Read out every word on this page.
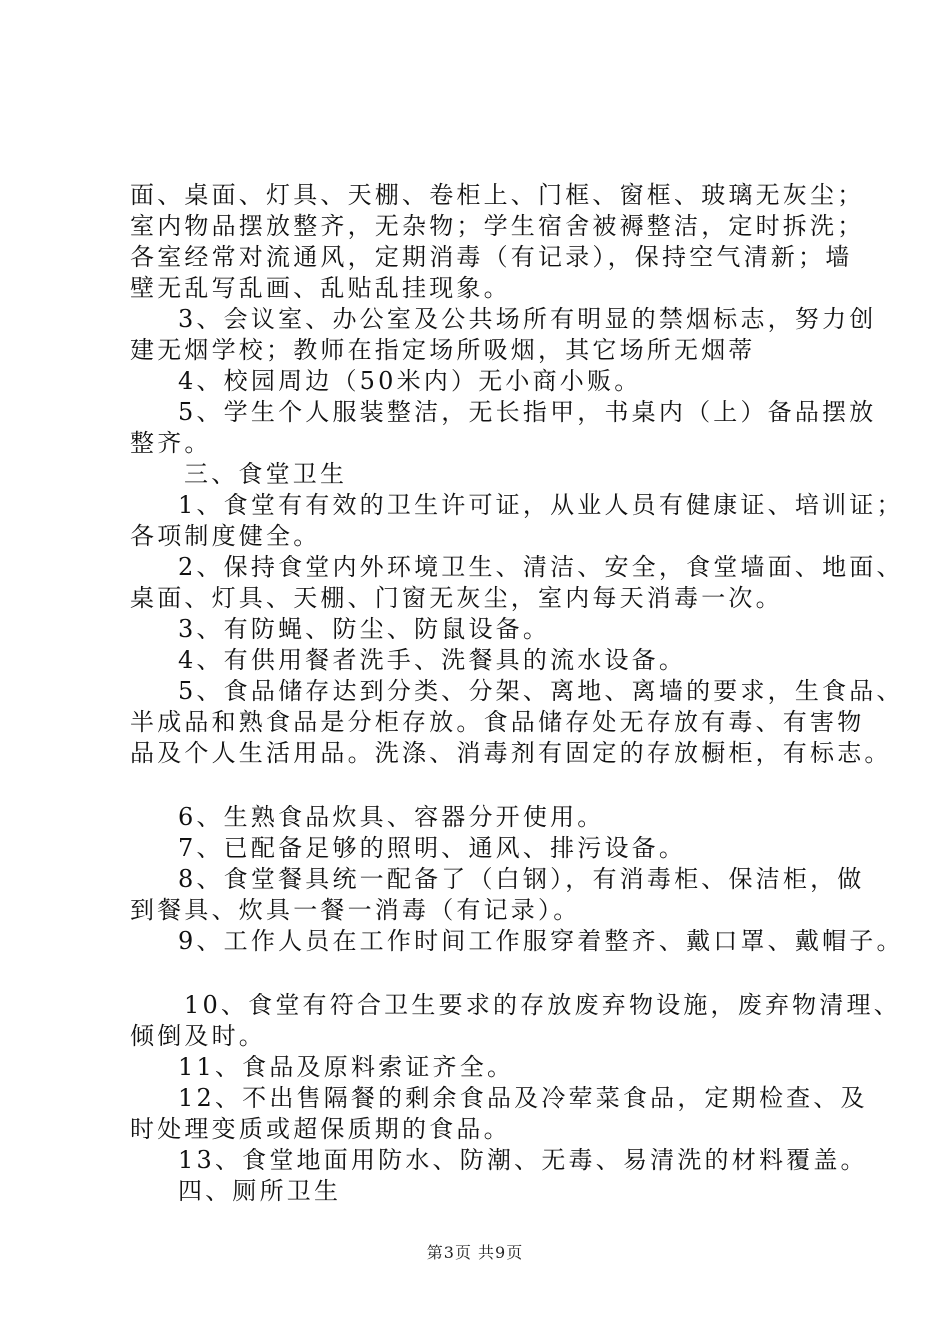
面、桌面、灯具、天棚、卷柜上、门框、窗框、玻璃无灰尘；
室内物品摆放整齐，无杂物；学生宿舍被褥整洁，定时拆洗；
各室经常对流通风，定期消毒（有记录），保持空气清新；墙
壁无乱写乱画、乱贴乱挂现象。
3、会议室、办公室及公共场所有明显的禁烟标志，努力创
建无烟学校；教师在指定场所吸烟，其它场所无烟蒂
4、校园周边（50米内）无小商小贩。
5、学生个人服装整洁，无长指甲，书桌内（上）备品摆放
整齐。
三、食堂卫生
1、食堂有有效的卫生许可证，从业人员有健康证、培训证；
各项制度健全。
2、保持食堂内外环境卫生、清洁、安全，食堂墙面、地面、
桌面、灯具、天棚、门窗无灰尘，室内每天消毒一次。
3、有防蝇、防尘、防鼠设备。
4、有供用餐者洗手、洗餐具的流水设备。
5、食品储存达到分类、分架、离地、离墙的要求，生食品、
半成品和熟食品是分柜存放。食品储存处无存放有毒、有害物
品及个人生活用品。洗涤、消毒剂有固定的存放橱柜，有标志。
6、生熟食品炊具、容器分开使用。
7、已配备足够的照明、通风、排污设备。
8、食堂餐具统一配备了（白钢），有消毒柜、保洁柜，做
到餐具、炊具一餐一消毒（有记录）。
9、工作人员在工作时间工作服穿着整齐、戴口罩、戴帽子。
10、食堂有符合卫生要求的存放废弃物设施，废弃物清理、
倾倒及时。
11、食品及原料索证齐全。
12、不出售隔餐的剩余食品及冷荤菜食品，定期检查、及
时处理变质或超保质期的食品。
13、食堂地面用防水、防潮、无毒、易清洗的材料覆盖。
四、厕所卫生
第3页 共9页
